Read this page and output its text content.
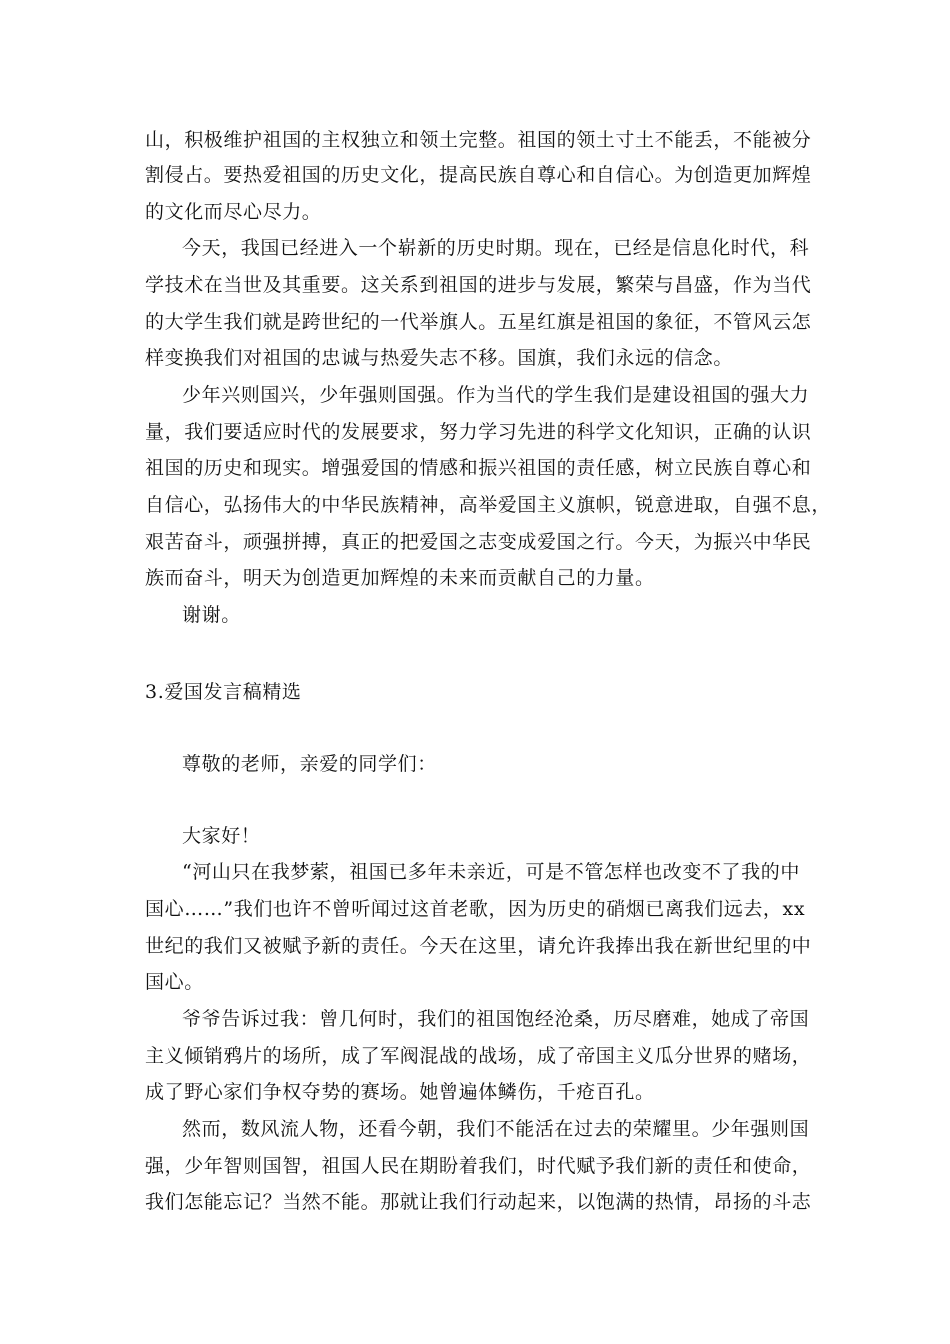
山，积极维护祖国的主权独立和领土完整。祖国的领土寸土不能丢，不能被分
割侵占。要热爱祖国的历史文化，提高民族自尊心和自信心。为创造更加辉煌
的文化而尽心尽力。
今天，我国已经进入一个崭新的历史时期。现在，已经是信息化时代，科
学技术在当世及其重要。这关系到祖国的进步与发展，繁荣与昌盛，作为当代
的大学生我们就是跨世纪的一代举旗人。五星红旗是祖国的象征，不管风云怎
样变换我们对祖国的忠诚与热爱失志不移。国旗，我们永远的信念。
少年兴则国兴，少年强则国强。作为当代的学生我们是建设祖国的强大力
量，我们要适应时代的发展要求，努力学习先进的科学文化知识，正确的认识
祖国的历史和现实。增强爱国的情感和振兴祖国的责任感，树立民族自尊心和
自信心，弘扬伟大的中华民族精神，高举爱国主义旗帜，锐意进取，自强不息，
艰苦奋斗，顽强拼搏，真正的把爱国之志变成爱国之行。今天，为振兴中华民
族而奋斗，明天为创造更加辉煌的未来而贡献自己的力量。
谢谢。
3.爱国发言稿精选
尊敬的老师，亲爱的同学们：
大家好！
“河山只在我梦萦，祖国已多年未亲近，可是不管怎样也改变不了我的中
国心……”我们也许不曾听闻过这首老歌，因为历史的硝烟已离我们远去，xx
世纪的我们又被赋予新的责任。今天在这里，请允许我捧出我在新世纪里的中
国心。
爷爷告诉过我：曾几何时，我们的祖国饱经沧桑，历尽磨难，她成了帝国
主义倾销鸦片的场所，成了军阀混战的战场，成了帝国主义瓜分世界的赌场，
成了野心家们争权夺势的赛场。她曾遍体鳞伤，千疮百孔。
然而，数风流人物，还看今朝，我们不能活在过去的荣耀里。少年强则国
强，少年智则国智，祖国人民在期盼着我们，时代赋予我们新的责任和使命，
我们怎能忘记？当然不能。那就让我们行动起来，以饱满的热情，昂扬的斗志
